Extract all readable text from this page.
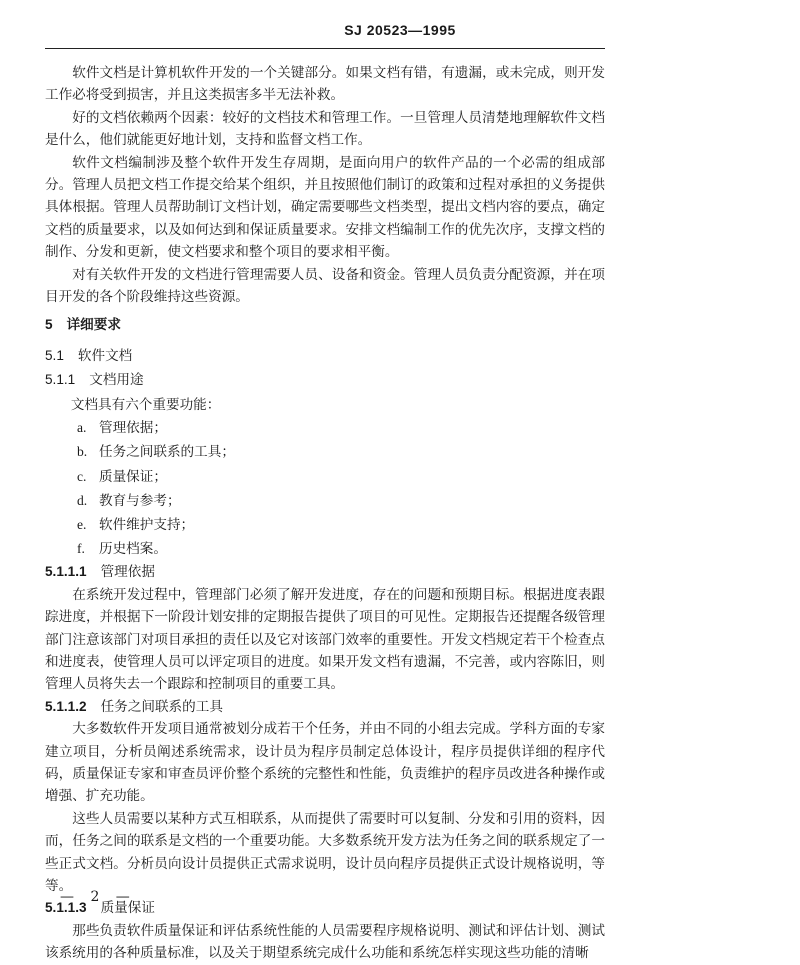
SJ 20523—1995

软件文档是计算机软件开发的一个关键部分。如果文档有错，有遗漏，或未完成，则开发工作必将受到损害，并且这类损害多半无法补救。

好的文档依赖两个因素：较好的文档技术和管理工作。一旦管理人员清楚地理解软件文档是什么，他们就能更好地计划，支持和监督文档工作。

软件文档编制涉及整个软件开发生存周期，是面向用户的软件产品的一个必需的组成部分。管理人员把文档工作提交给某个组织，并且按照他们制订的政策和过程对承担的义务提供具体根据。管理人员帮助制订文档计划，确定需要哪些文档类型，提出文档内容的要点，确定文档的质量要求，以及如何达到和保证质量要求。安排文档编制工作的优先次序，支撑文档的制作、分发和更新，使文档要求和整个项目的要求相平衡。

对有关软件开发的文档进行管理需要人员、设备和资金。管理人员负责分配资源，并在项目开发的各个阶段维持这些资源。

5 详细要求
5.1 软件文档
5.1.1 文档用途

文档具有六个重要功能：

a. 管理依据；
b. 任务之间联系的工具；
c. 质量保证；
d. 教育与参考；
e. 软件维护支持；
f. 历史档案。
5.1.1.1 管理依据

在系统开发过程中，管理部门必须了解开发进度，存在的问题和预期目标。根据进度表跟踪进度，并根据下一阶段计划安排的定期报告提供了项目的可见性。定期报告还提醒各级管理部门注意该部门对项目承担的责任以及它对该部门效率的重要性。开发文档规定若干个检查点和进度表，使管理人员可以评定项目的进度。如果开发文档有遗漏，不完善，或内容陈旧，则管理人员将失去一个跟踪和控制项目的重要工具。

5.1.1.2 任务之间联系的工具

大多数软件开发项目通常被划分成若干个任务，并由不同的小组去完成。学科方面的专家建立项目，分析员阐述系统需求，设计员为程序员制定总体设计，程序员提供详细的程序代码，质量保证专家和审查员评价整个系统的完整性和性能，负责维护的程序员改进各种操作或增强、扩充功能。

这些人员需要以某种方式互相联系，从而提供了需要时可以复制、分发和引用的资料，因而，任务之间的联系是文档的一个重要功能。大多数系统开发方法为任务之间的联系规定了一些正式文档。分析员向设计员提供正式需求说明，设计员向程序员提供正式设计规格说明，等等。

5.1.1.3 质量保证

那些负责软件质量保证和评估系统性能的人员需要程序规格说明、测试和评估计划、测试该系统用的各种质量标准，以及关于期望系统完成什么功能和系统怎样实现这些功能的清晰

— 2 —
